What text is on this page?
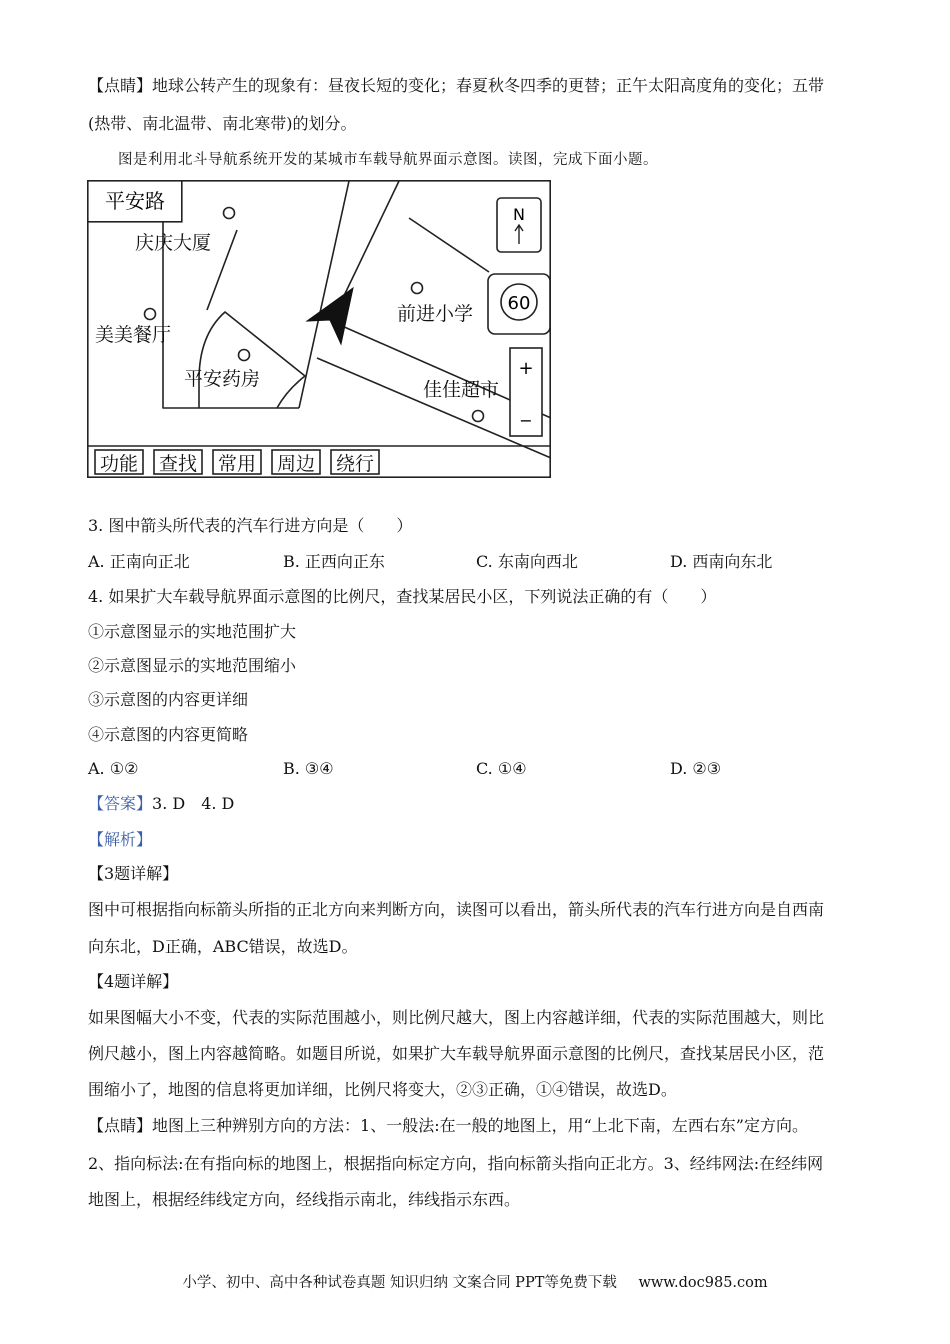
【点睛】地球公转产生的现象有：昼夜长短的变化；春夏秋冬四季的更替；正午太阳高度角的变化；五带
(热带、南北温带、南北寒带)的划分。
图是利用北斗导航系统开发的某城市车载导航界面示意图。读图，完成下面小题。
平安路
庆庆大厦
美美餐厅
平安药房
前进小学
佳佳超市
N
60
+
−
功能 查找 常用 周边 绕行
3. 图中箭头所代表的汽车行进方向是（　　）
A. 正南向正北	B. 正西向正东	C. 东南向西北	D. 西南向东北
4. 如果扩大车载导航界面示意图的比例尺，查找某居民小区，下列说法正确的有（　　）
①示意图显示的实地范围扩大
②示意图显示的实地范围缩小
③示意图的内容更详细
④示意图的内容更简略
A. ①②	B. ③④	C. ①④	D. ②③
【答案】3. D　4. D
【解析】
【3题详解】
图中可根据指向标箭头所指的正北方向来判断方向，读图可以看出，箭头所代表的汽车行进方向是自西南
向东北，D正确，ABC错误，故选D。
【4题详解】
如果图幅大小不变，代表的实际范围越小，则比例尺越大，图上内容越详细，代表的实际范围越大，则比
例尺越小，图上内容越简略。如题目所说，如果扩大车载导航界面示意图的比例尺，查找某居民小区，范
围缩小了，地图的信息将更加详细，比例尺将变大，②③正确，①④错误，故选D。
【点睛】地图上三种辨别方向的方法：1、一般法:在一般的地图上，用“上北下南，左西右东”定方向。
2、指向标法:在有指向标的地图上，根据指向标定方向，指向标箭头指向正北方。3、经纬网法:在经纬网
地图上，根据经纬线定方向，经线指示南北，纬线指示东西。
小学、初中、高中各种试卷真题 知识归纳 文案合同 PPT等免费下载 www.doc985.com
